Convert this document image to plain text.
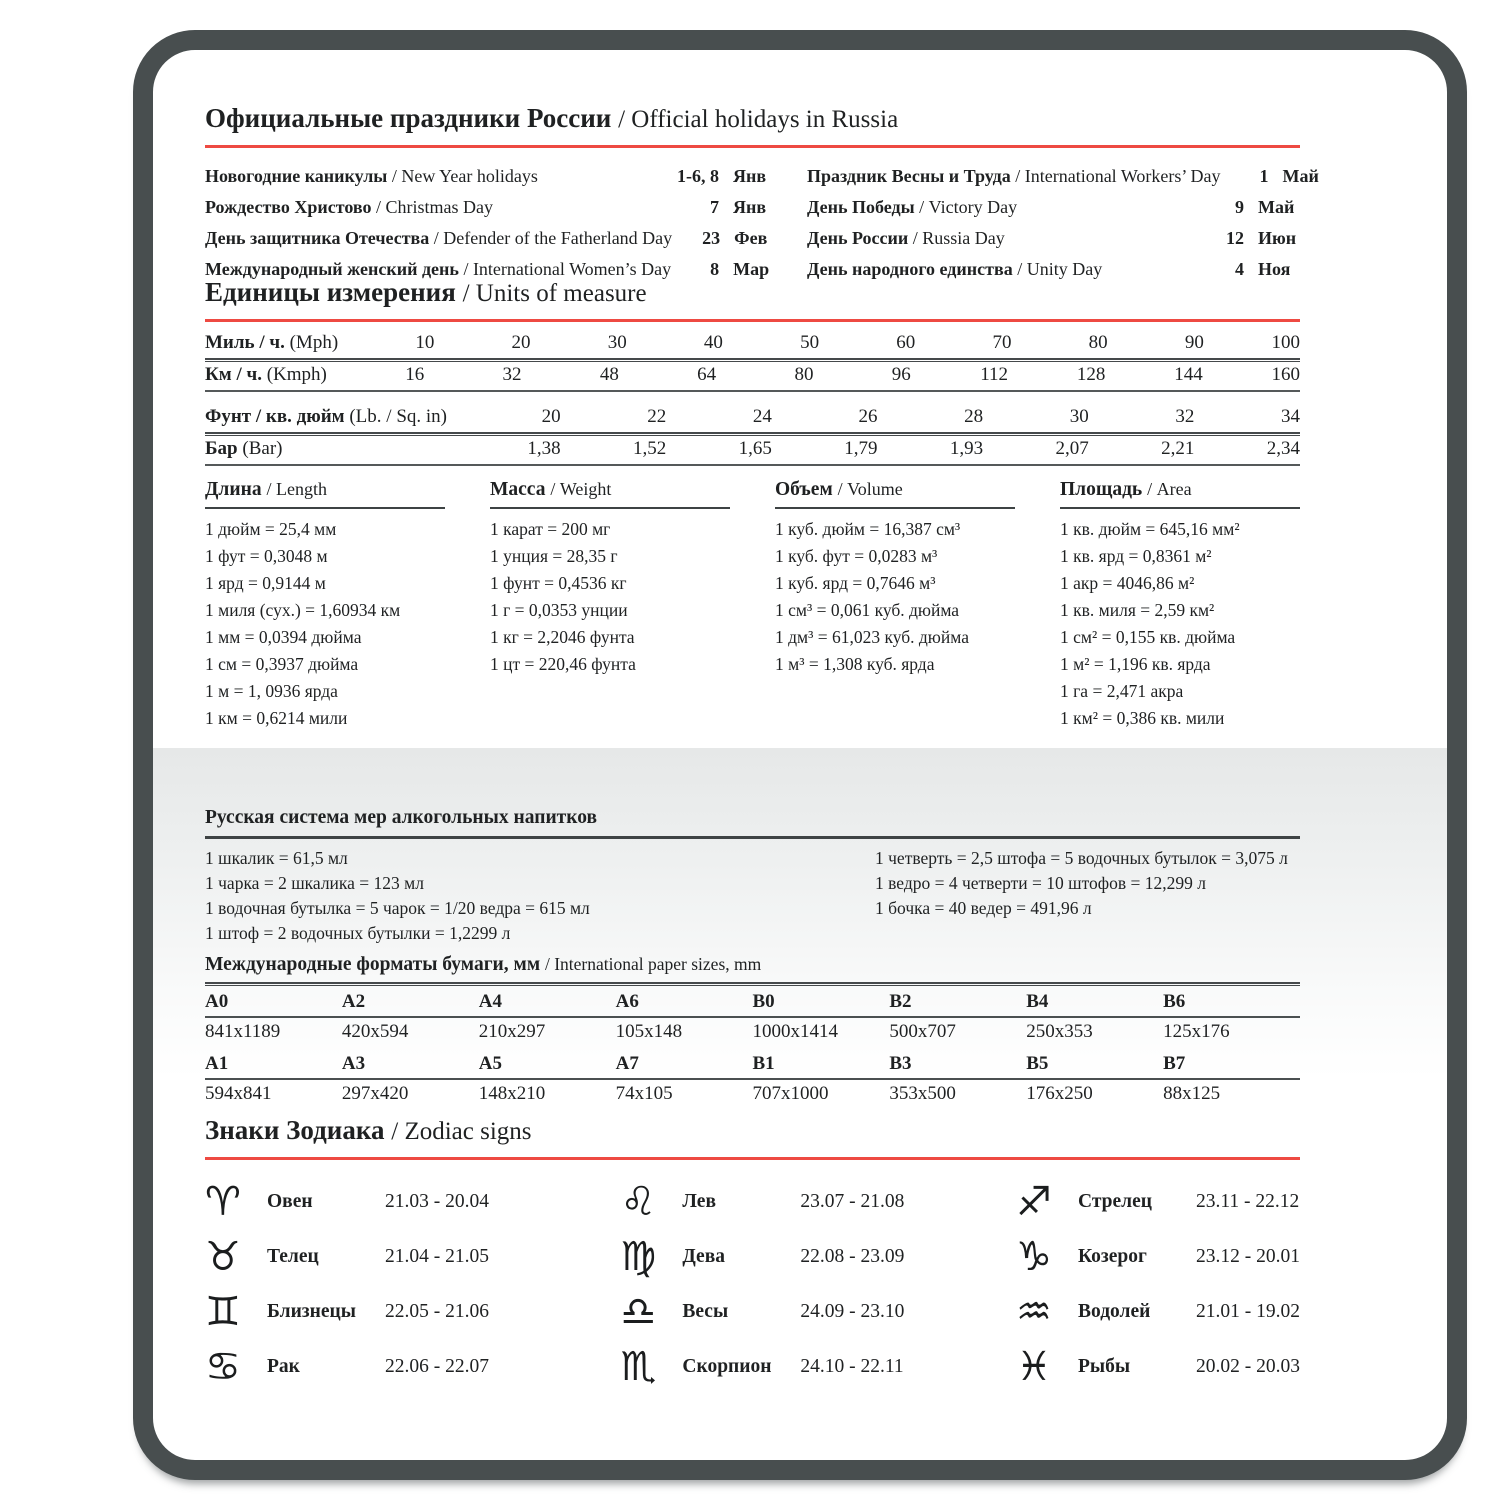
Официальные праздники России / Official holidays in Russia
Новогодние каникулы / New Year holidays	1-6, 8 Янв
Рождество Христово / Christmas Day	7 Янв
День защитника Отечества / Defender of the Fatherland Day	23 Фев
Международный женский день / International Women’s Day	8 Мар
Праздник Весны и Труда / International Workers’ Day	1 Май
День Победы / Victory Day	9 Май
День России / Russia Day	12 Июн
День народного единства / Unity Day	4 Ноя
Единицы измерения / Units of measure
Миль / ч. (Mph)	10	20	30	40	50	60	70	80	90	100
Км / ч. (Kmph)	16	32	48	64	80	96	112	128	144	160
Фунт / кв. дюйм (Lb. / Sq. in)	20	22	24	26	28	30	32	34
Бар (Bar)	1,38	1,52	1,65	1,79	1,93	2,07	2,21	2,34
Длина / Length
1 дюйм = 25,4 мм
1 фут = 0,3048 м
1 ярд = 0,9144 м
1 миля (сух.) = 1,60934 км
1 мм = 0,0394 дюйма
1 см = 0,3937 дюйма
1 м = 1, 0936 ярда
1 км = 0,6214 мили
Масса / Weight
1 карат = 200 мг
1 унция = 28,35 г
1 фунт = 0,4536 кг
1 г = 0,0353 унции
1 кг = 2,2046 фунта
1 цт = 220,46 фунта
Объем / Volume
1 куб. дюйм = 16,387 см³
1 куб. фут = 0,0283 м³
1 куб. ярд = 0,7646 м³
1 см³ = 0,061 куб. дюйма
1 дм³ = 61,023 куб. дюйма
1 м³ = 1,308 куб. ярда
Площадь / Area
1 кв. дюйм = 645,16 мм²
1 кв. ярд = 0,8361 м²
1 акр = 4046,86 м²
1 кв. миля = 2,59 км²
1 см² = 0,155 кв. дюйма
1 м² = 1,196 кв. ярда
1 га = 2,471 акра
1 км² = 0,386 кв. мили
Русская система мер алкогольных напитков
1 шкалик = 61,5 мл
1 чарка = 2 шкалика = 123 мл
1 водочная бутылка = 5 чарок = 1/20 ведра = 615 мл
1 штоф = 2 водочных бутылки = 1,2299 л
1 четверть = 2,5 штофа = 5 водочных бутылок = 3,075 л
1 ведро = 4 четверти = 10 штофов = 12,299 л
1 бочка = 40 ведер = 491,96 л
Международные форматы бумаги, мм / International paper sizes, mm
A0	A2	A4	A6	B0	B2	B4	B6
841x1189	420x594	210x297	105x148	1000x1414	500x707	250x353	125x176
A1	A3	A5	A7	B1	B3	B5	B7
594x841	297x420	148x210	74x105	707x1000	353x500	176x250	88x125
Знаки Зодиака / Zodiac signs
♈	Овен	21.03 - 20.04
♉	Телец	21.04 - 21.05
♊	Близнецы	22.05 - 21.06
♋	Рак	22.06 - 22.07
♌	Лев	23.07 - 21.08
♍	Дева	22.08 - 23.09
♎	Весы	24.09 - 23.10
♏	Скорпион	24.10 - 22.11
♐	Стрелец	23.11 - 22.12
♑	Козерог	23.12 - 20.01
♒	Водолей	21.01 - 19.02
♓	Рыбы	20.02 - 20.03
